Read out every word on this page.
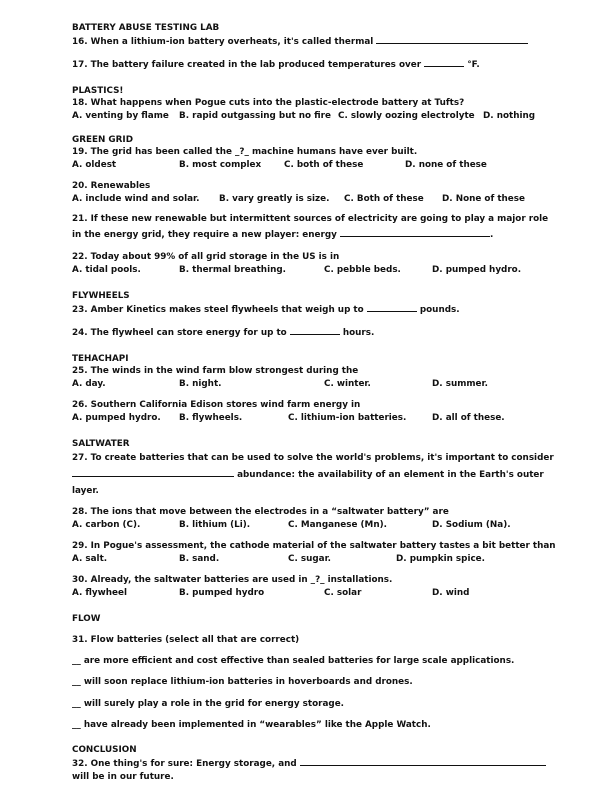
BATTERY ABUSE TESTING LAB

16. When a lithium-ion battery overheats, it's called thermal

17. The battery failure created in the lab produced temperatures over	°F.

PLASTICS!

18. What happens when Pogue cuts into the plastic-electrode battery at Tufts?

A. venting by flame B. rapid outgassing but no fire C. slowly oozing electrolyte D. nothing

GREEN GRID

19. The grid has been called the _?_ machine humans have ever built.

A. oldest	B. most complex	C. both of these	D. none of these

20. Renewables

A. include wind and solar. B. vary greatly is size. C. Both of these D. None of these

21. If these new renewable but intermittent sources of electricity are going to play a major role

in the energy grid, they require a new player: energy	.

22. Today about 99% of all grid storage in the US is in

A. tidal pools.	B. thermal breathing.	C. pebble beds.	D. pumped hydro.

FLYWHEELS

23. Amber Kinetics makes steel flywheels that weigh up to	pounds.

24. The flywheel can store energy for up to	hours.

TEHACHAPI

25. The winds in the wind farm blow strongest during the

A. day.	B. night.	C. winter.	D. summer.

26. Southern California Edison stores wind farm energy in

A. pumped hydro. B. flywheels.	C. lithium-ion batteries.	D. all of these.

SALTWATER

27. To create batteries that can be used to solve the world's problems, it's important to consider

abundance: the availability of an element in the Earth's outer

layer.

28. The ions that move between the electrodes in a “saltwater battery” are

A. carbon (C).	B. lithium (Li).	C. Manganese (Mn).	D. Sodium (Na).

29. In Pogue's assessment, the cathode material of the saltwater battery tastes a bit better than

A. salt.	B. sand.	C. sugar.	D. pumpkin spice.

30. Already, the saltwater batteries are used in _?_ installations.

A. flywheel	B. pumped hydro	C. solar	D. wind

FLOW

31. Flow batteries (select all that are correct)

__ are more efficient and cost effective than sealed batteries for large scale applications.

__ will soon replace lithium-ion batteries in hoverboards and drones.

__ will surely play a role in the grid for energy storage.

__ have already been implemented in “wearables” like the Apple Watch.

CONCLUSION

32. One thing's for sure: Energy storage, and

will be in our future.
